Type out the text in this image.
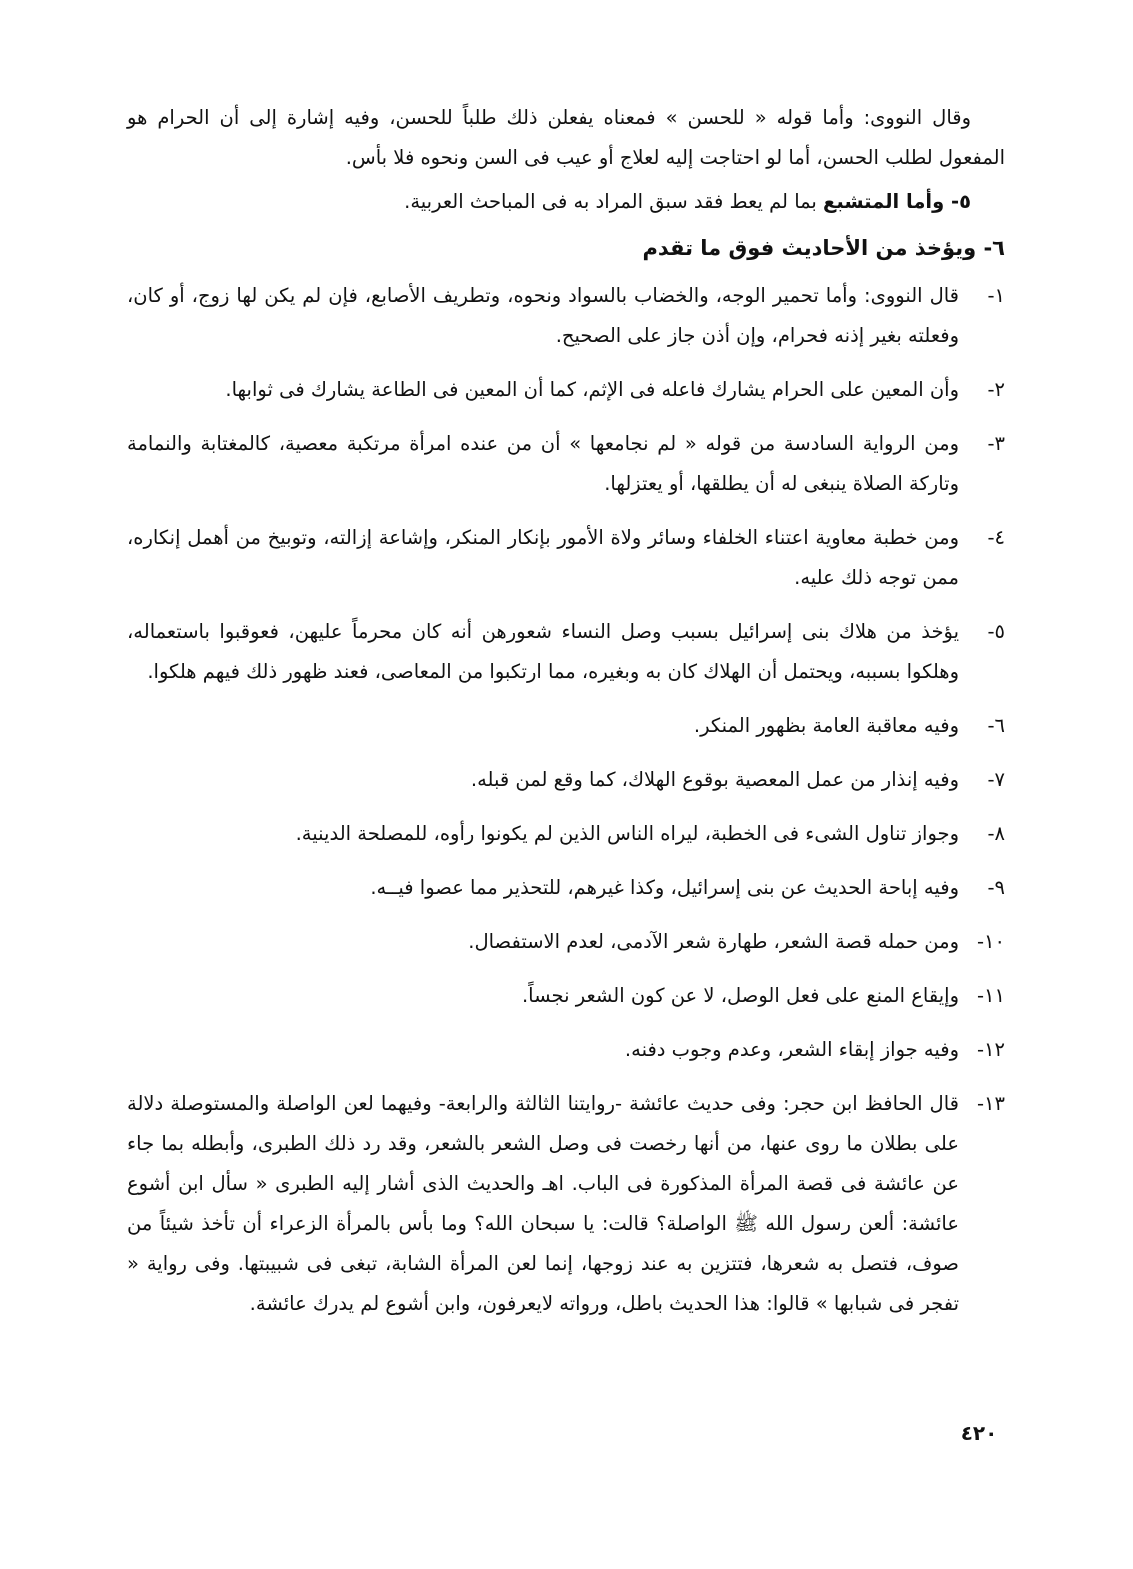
وقال النووى: وأما قوله « للحسن » فمعناه يفعلن ذلك طلباً للحسن، وفيه إشارة إلى أن الحرام هو المفعول لطلب الحسن، أما لو احتاجت إليه لعلاج أو عيب فى السن ونحوه فلا بأس.
٥- وأما المتشبع بما لم يعط فقد سبق المراد به فى المباحث العربية.
٦- ويؤخذ من الأحاديث فوق ما تقدم
١-
قال النووى: وأما تحمير الوجه، والخضاب بالسواد ونحوه، وتطريف الأصابع، فإن لم يكن لها زوج، أو كان، وفعلته بغير إذنه فحرام، وإن أذن جاز على الصحيح.
٢-
وأن المعين على الحرام يشارك فاعله فى الإثم، كما أن المعين فى الطاعة يشارك فى ثوابها.
٣-
ومن الرواية السادسة من قوله « لم نجامعها » أن من عنده امرأة مرتكبة معصية، كالمغتابة والنمامة وتاركة الصلاة ينبغى له أن يطلقها، أو يعتزلها.
٤-
ومن خطبة معاوية اعتناء الخلفاء وسائر ولاة الأمور بإنكار المنكر، وإشاعة إزالته، وتوبيخ من أهمل إنكاره، ممن توجه ذلك عليه.
٥-
يؤخذ من هلاك بنى إسرائيل بسبب وصل النساء شعورهن أنه كان محرماً عليهن، فعوقبوا باستعماله، وهلكوا بسببه، ويحتمل أن الهلاك كان به وبغيره، مما ارتكبوا من المعاصى، فعند ظهور ذلك فيهم هلكوا.
٦-
وفيه معاقبة العامة بظهور المنكر.
٧-
وفيه إنذار من عمل المعصية بوقوع الهلاك، كما وقع لمن قبله.
٨-
وجواز تناول الشىء فى الخطبة، ليراه الناس الذين لم يكونوا رأوه، للمصلحة الدينية.
٩-
وفيه إباحة الحديث عن بنى إسرائيل، وكذا غيرهم، للتحذير مما عصوا فيــه.
١٠-
ومن حمله قصة الشعر، طهارة شعر الآدمى، لعدم الاستفصال.
١١-
وإيقاع المنع على فعل الوصل، لا عن كون الشعر نجساً.
١٢-
وفيه جواز إبقاء الشعر، وعدم وجوب دفنه.
١٣-
قال الحافظ ابن حجر: وفى حديث عائشة -روايتنا الثالثة والرابعة- وفيهما لعن الواصلة والمستوصلة دلالة على بطلان ما روى عنها، من أنها رخصت فى وصل الشعر بالشعر، وقد رد ذلك الطبرى، وأبطله بما جاء عن عائشة فى قصة المرأة المذكورة فى الباب. اهـ والحديث الذى أشار إليه الطبرى « سأل ابن أشوع عائشة: ألعن رسول الله ﷺ الواصلة؟ قالت: يا سبحان الله؟ وما بأس بالمرأة الزعراء أن تأخذ شيئاً من صوف، فتصل به شعرها، فتتزين به عند زوجها، إنما لعن المرأة الشابة، تبغى فى شبيبتها. وفى رواية « تفجر فى شبابها » قالوا: هذا الحديث باطل، ورواته لايعرفون، وابن أشوع لم يدرك عائشة.
٤٢٠
